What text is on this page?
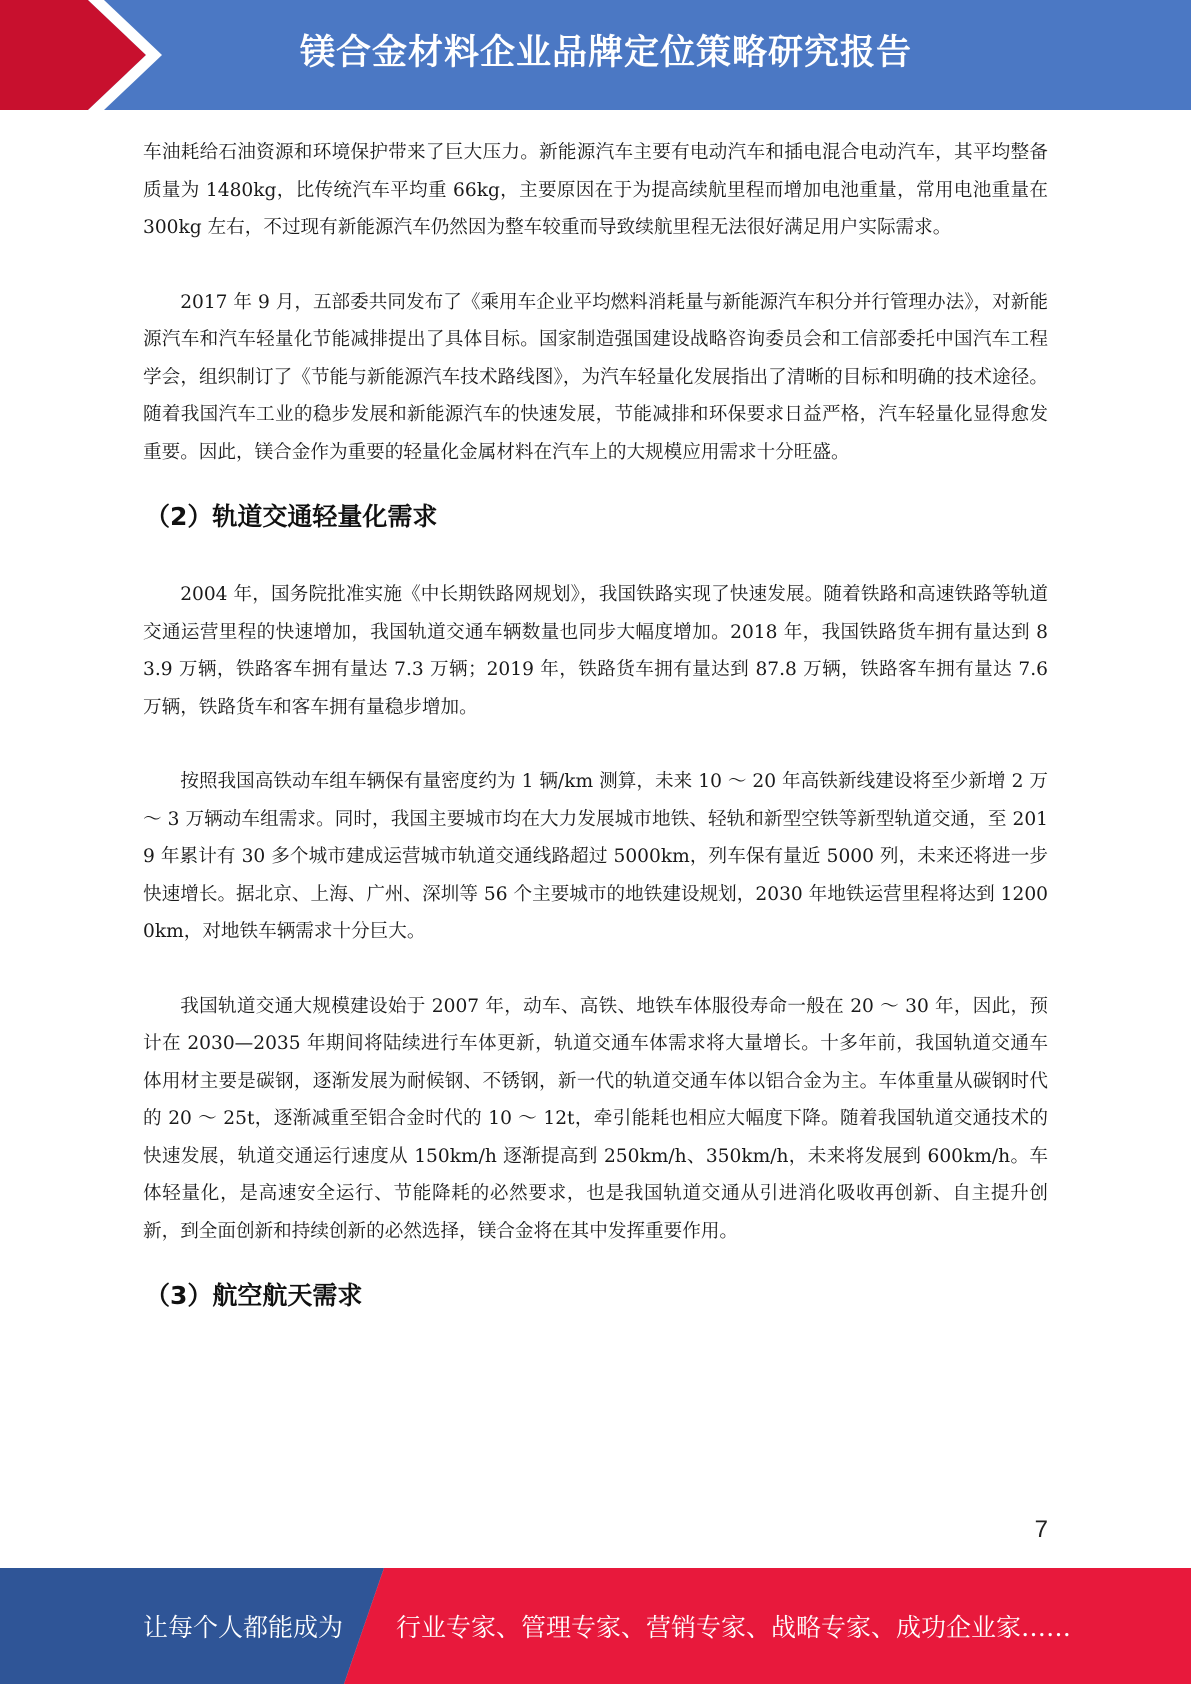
镁合金材料企业品牌定位策略研究报告

车油耗给石油资源和环境保护带来了巨大压力。新能源汽车主要有电动汽车和插电混合电动汽车，其平均整备质量为 1480kg，比传统汽车平均重 66kg，主要原因在于为提高续航里程而增加电池重量，常用电池重量在 300kg 左右，不过现有新能源汽车仍然因为整车较重而导致续航里程无法很好满足用户实际需求。

2017 年 9 月，五部委共同发布了《乘用车企业平均燃料消耗量与新能源汽车积分并行管理办法》，对新能源汽车和汽车轻量化节能减排提出了具体目标。国家制造强国建设战略咨询委员会和工信部委托中国汽车工程学会，组织制订了《节能与新能源汽车技术路线图》，为汽车轻量化发展指出了清晰的目标和明确的技术途径。随着我国汽车工业的稳步发展和新能源汽车的快速发展，节能减排和环保要求日益严格，汽车轻量化显得愈发重要。因此，镁合金作为重要的轻量化金属材料在汽车上的大规模应用需求十分旺盛。

（2）轨道交通轻量化需求

2004 年，国务院批准实施《中长期铁路网规划》，我国铁路实现了快速发展。随着铁路和高速铁路等轨道交通运营里程的快速增加，我国轨道交通车辆数量也同步大幅度增加。2018 年，我国铁路货车拥有量达到 83.9 万辆，铁路客车拥有量达 7.3 万辆；2019 年，铁路货车拥有量达到 87.8 万辆，铁路客车拥有量达 7.6 万辆，铁路货车和客车拥有量稳步增加。

按照我国高铁动车组车辆保有量密度约为 1 辆/km 测算，未来 10 ～ 20 年高铁新线建设将至少新增 2 万～ 3 万辆动车组需求。同时，我国主要城市均在大力发展城市地铁、轻轨和新型空铁等新型轨道交通，至 2019 年累计有 30 多个城市建成运营城市轨道交通线路超过 5000km，列车保有量近 5000 列，未来还将进一步快速增长。据北京、上海、广州、深圳等 56 个主要城市的地铁建设规划，2030 年地铁运营里程将达到 12000km，对地铁车辆需求十分巨大。

我国轨道交通大规模建设始于 2007 年，动车、高铁、地铁车体服役寿命一般在 20 ～ 30 年，因此，预计在 2030—2035 年期间将陆续进行车体更新，轨道交通车体需求将大量增长。十多年前，我国轨道交通车体用材主要是碳钢，逐渐发展为耐候钢、不锈钢，新一代的轨道交通车体以铝合金为主。车体重量从碳钢时代的 20 ～ 25t，逐渐减重至铝合金时代的 10 ～ 12t，牵引能耗也相应大幅度下降。随着我国轨道交通技术的快速发展，轨道交通运行速度从 150km/h 逐渐提高到 250km/h、350km/h，未来将发展到 600km/h。车体轻量化，是高速安全运行、节能降耗的必然要求，也是我国轨道交通从引进消化吸收再创新、自主提升创新，到全面创新和持续创新的必然选择，镁合金将在其中发挥重要作用。

（3）航空航天需求
7
让每个人都能成为 行业专家、管理专家、营销专家、战略专家、成功企业家……
